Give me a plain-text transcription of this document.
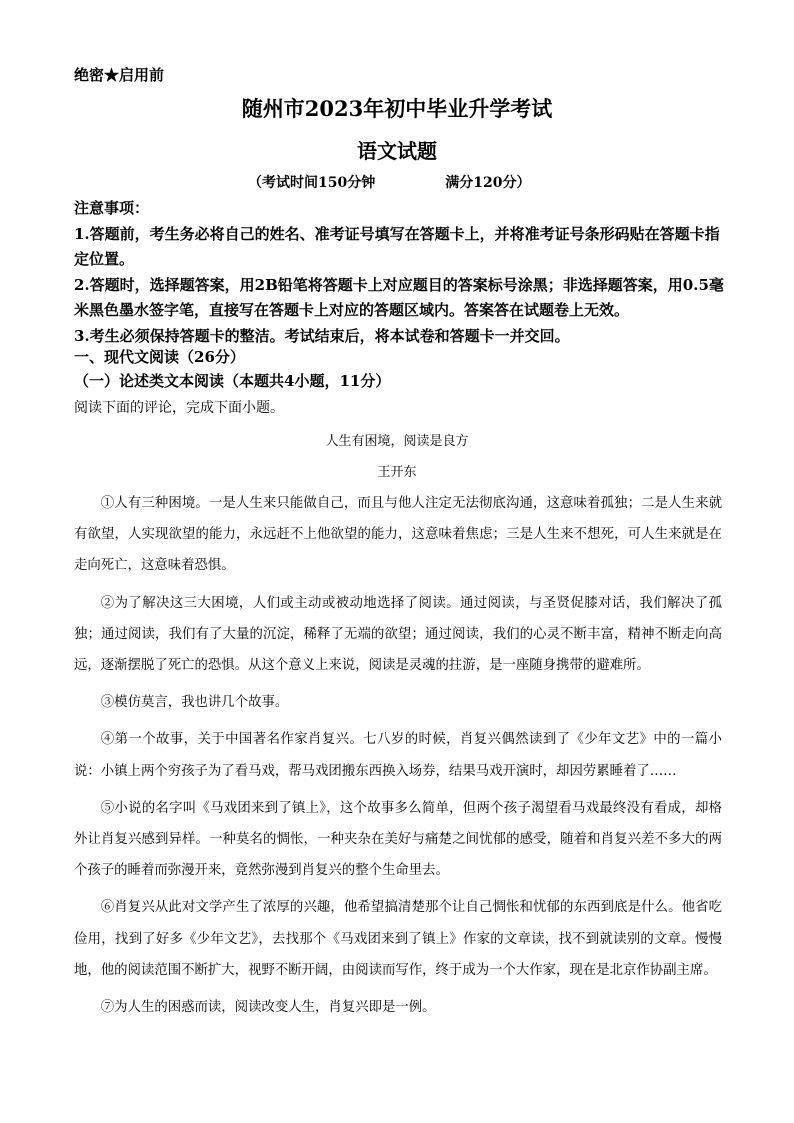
绝密★启用前
随州市2023年初中毕业升学考试
语文试题
（考试时间150分钟	满分120分）

注意事项：

1.答题前，考生务必将自己的姓名、准考证号填写在答题卡上，并将准考证号条形码贴在答题卡指定位置。

2.答题时，选择题答案，用2B铅笔将答题卡上对应题目的答案标号涂黑；非选择题答案，用0.5毫米黑色墨水签字笔，直接写在答题卡上对应的答题区域内。答案答在试题卷上无效。

3.考生必须保持答题卡的整洁。考试结束后，将本试卷和答题卡一并交回。

一、现代文阅读（26分）
（一）论述类文本阅读（本题共4小题，11分）
阅读下面的评论，完成下面小题。
人生有困境，阅读是良方
王开东

①人有三种困境。一是人生来只能做自己，而且与他人注定无法彻底沟通，这意味着孤独；二是人生来就有欲望，人实现欲望的能力，永远赶不上他欲望的能力，这意味着焦虑；三是人生来不想死，可人生来就是在走向死亡，这意味着恐惧。

②为了解决这三大困境，人们或主动或被动地选择了阅读。通过阅读，与圣贤促膝对话，我们解决了孤独；通过阅读，我们有了大量的沉淀，稀释了无端的欲望；通过阅读，我们的心灵不断丰富，精神不断走向高远，逐渐摆脱了死亡的恐惧。从这个意义上来说，阅读是灵魂的拄游，是一座随身携带的避难所。

③模仿莫言，我也讲几个故事。

④第一个故事，关于中国著名作家肖复兴。七八岁的时候，肖复兴偶然读到了《少年文艺》中的一篇小说：小镇上两个穷孩子为了看马戏，帮马戏团搬东西换入场券，结果马戏开演时，却因劳累睡着了……

⑤小说的名字叫《马戏团来到了镇上》，这个故事多么简单，但两个孩子渴望看马戏最终没有看成，却格外让肖复兴感到异样。一种莫名的惆怅，一种夹杂在美好与痛楚之间忧郁的感受，随着和肖复兴差不多大的两个孩子的睡着而弥漫开来，竟然弥漫到肖复兴的整个生命里去。

⑥肖复兴从此对文学产生了浓厚的兴趣，他希望搞清楚那个让自己惆怅和忧郁的东西到底是什么。他省吃俭用，找到了好多《少年文艺》，去找那个《马戏团来到了镇上》作家的文章读，找不到就读别的文章。慢慢地，他的阅读范围不断扩大，视野不断开阔，由阅读而写作，终于成为一个大作家，现在是北京作协副主席。

⑦为人生的困惑而读，阅读改变人生，肖复兴即是一例。
